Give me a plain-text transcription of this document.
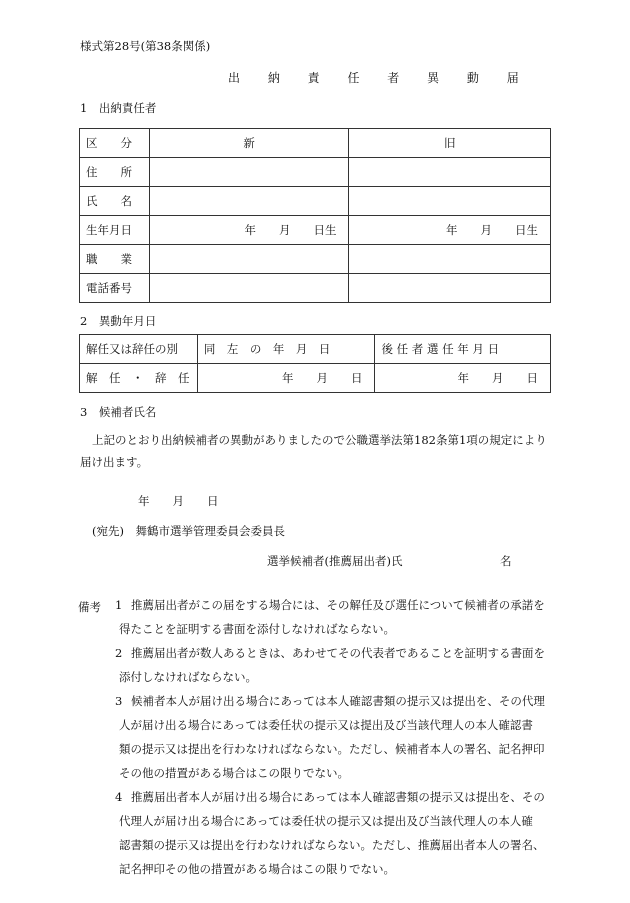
様式第28号(第38条関係)
出 納 責 任 者 異 動 届
1　出納責任者
区　　分	新	旧
住　　所		
氏　　名		
生年月日	年　　月　　日生	年　　月　　日生
職　　業		
電話番号		
2　異動年月日
解任又は辞任の別	同　左　の　年　月　日	後 任 者 選 任 年 月 日
解　任　・　辞　任	年　　月　　日	年　　月　　日
3　候補者氏名
上記のとおり出納候補者の異動がありましたので公職選挙法第182条第1項の規定により
届け出ます。
年　　月　　日
(宛先)　舞鶴市選挙管理委員会委員長
選挙候補者(推薦届出者)氏	名
備考 1 推薦届出者がこの届をする場合には、その解任及び選任について候補者の承諾を
得たことを証明する書面を添付しなければならない。
2 推薦届出者が数人あるときは、あわせてその代表者であることを証明する書面を
添付しなければならない。
3 候補者本人が届け出る場合にあっては本人確認書類の提示又は提出を、その代理
人が届け出る場合にあっては委任状の提示又は提出及び当該代理人の本人確認書
類の提示又は提出を行わなければならない。ただし、候補者本人の署名、記名押印
その他の措置がある場合はこの限りでない。
4 推薦届出者本人が届け出る場合にあっては本人確認書類の提示又は提出を、その
代理人が届け出る場合にあっては委任状の提示又は提出及び当該代理人の本人確
認書類の提示又は提出を行わなければならない。ただし、推薦届出者本人の署名、
記名押印その他の措置がある場合はこの限りでない。
